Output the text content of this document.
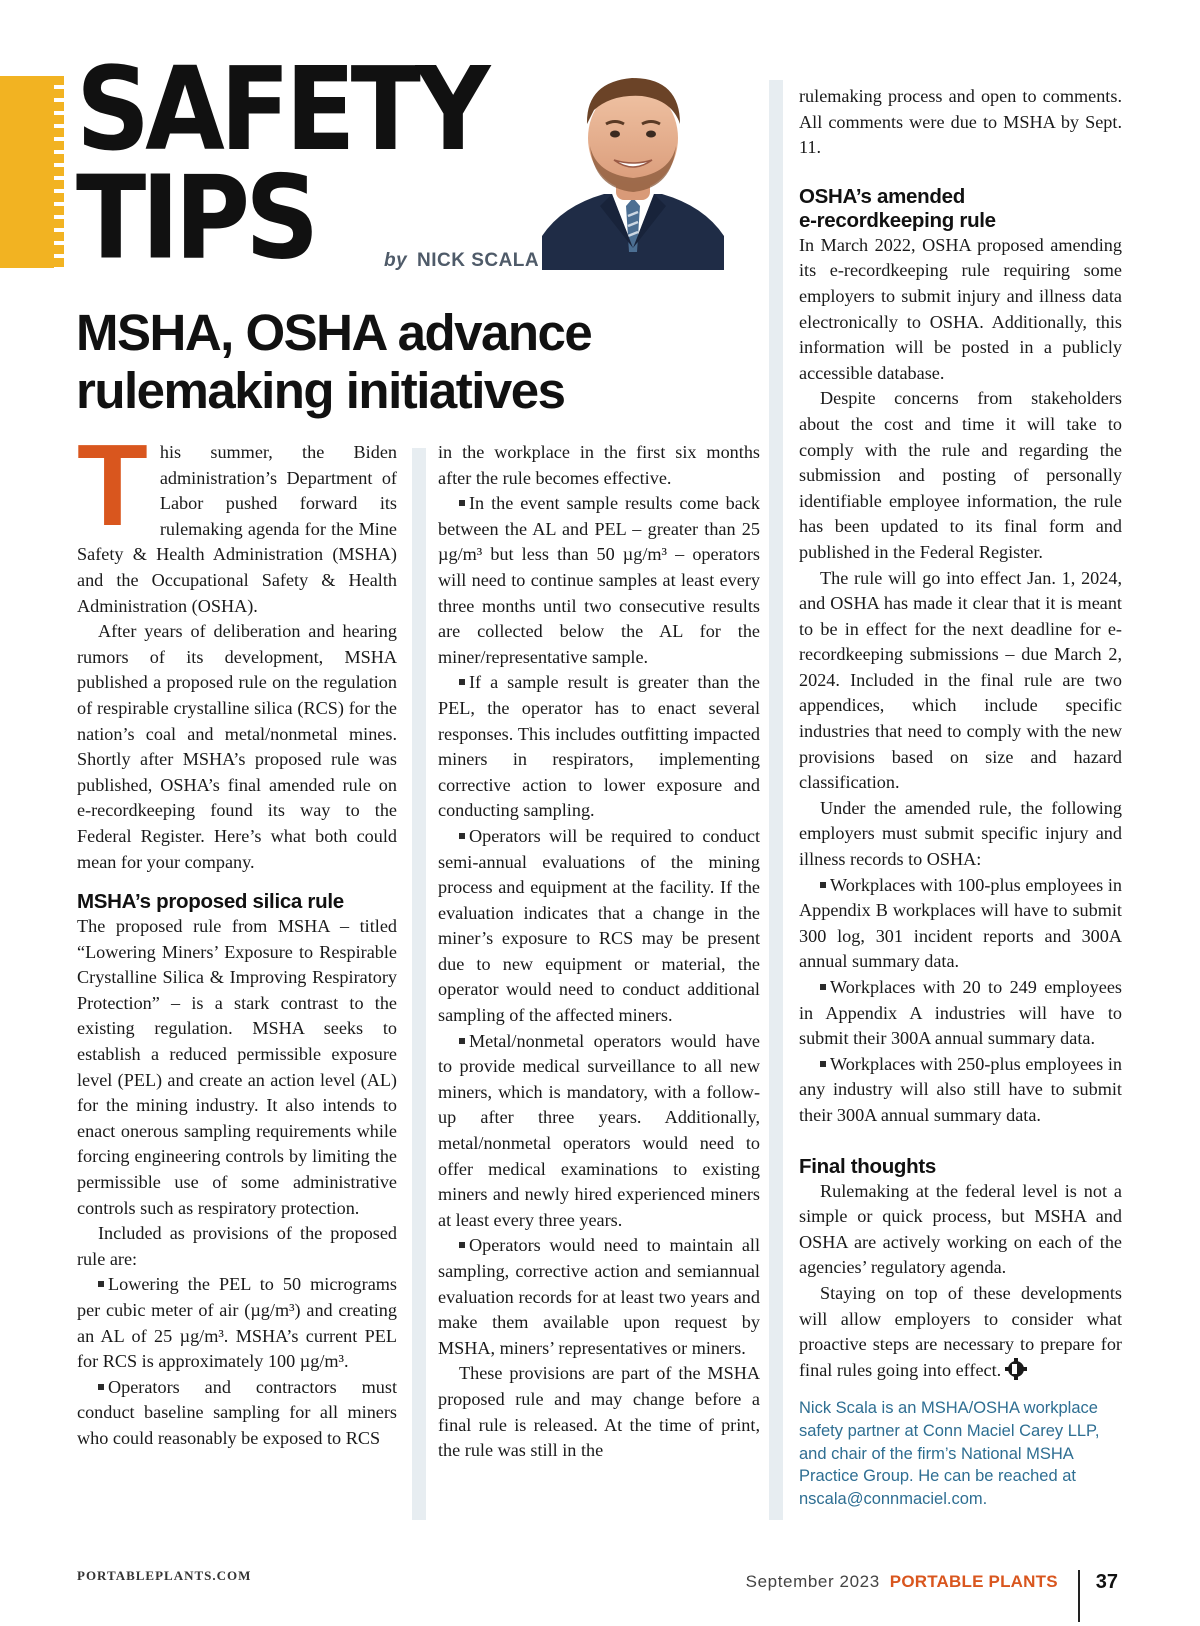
SAFETY
TIPS	by NICK SCALA
MSHA, OSHA advance
rulemaking initiatives
T his summer, the Biden administration’s Department of Labor pushed forward its rulemaking agenda for the Mine Safety & Health Administration (MSHA) and the Occupational Safety & Health Administration (OSHA).

After years of deliberation and hearing rumors of its development, MSHA published a proposed rule on the regulation of respirable crystalline silica (RCS) for the nation’s coal and metal/nonmetal mines. Shortly after MSHA’s proposed rule was published, OSHA’s final amended rule on e-recordkeeping found its way to the Federal Register. Here’s what both could mean for your company.

MSHA’s proposed silica rule

The proposed rule from MSHA – titled “Lowering Miners’ Exposure to Respirable Crystalline Silica & Improving Respiratory Protection” – is a stark contrast to the existing regulation. MSHA seeks to establish a reduced permissible exposure level (PEL) and create an action level (AL) for the mining industry. It also intends to enact onerous sampling requirements while forcing engineering controls by limiting the permissible use of some administrative controls such as respiratory protection.

Included as provisions of the proposed rule are:

Lowering the PEL to 50 micrograms per cubic meter of air (µg/m³) and creating an AL of 25 µg/m³. MSHA’s current PEL for RCS is approximately 100 µg/m³.

Operators and contractors must conduct baseline sampling for all miners who could reasonably be exposed to RCS

in the workplace in the first six months after the rule becomes effective.

In the event sample results come back between the AL and PEL – greater than 25 µg/m³ but less than 50 µg/m³ – operators will need to continue samples at least every three months until two consecutive results are collected below the AL for the miner/representative sample.

If a sample result is greater than the PEL, the operator has to enact several responses. This includes outfitting impacted miners in respirators, implementing corrective action to lower exposure and conducting sampling.

Operators will be required to conduct semi-annual evaluations of the mining process and equipment at the facility. If the evaluation indicates that a change in the miner’s exposure to RCS may be present due to new equipment or material, the operator would need to conduct additional sampling of the affected miners.

Metal/nonmetal operators would have to provide medical surveillance to all new miners, which is mandatory, with a follow-up after three years. Additionally, metal/nonmetal operators would need to offer medical examinations to existing miners and newly hired experienced miners at least every three years.

Operators would need to maintain all sampling, corrective action and semiannual evaluation records for at least two years and make them available upon request by MSHA, miners’ representatives or miners.

These provisions are part of the MSHA proposed rule and may change before a final rule is released. At the time of print, the rule was still in the

rulemaking process and open to comments. All comments were due to MSHA by Sept. 11.

OSHA’s amended
e-recordkeeping rule

In March 2022, OSHA proposed amending its e-recordkeeping rule requiring some employers to submit injury and illness data electronically to OSHA. Additionally, this information will be posted in a publicly accessible database.

Despite concerns from stakeholders about the cost and time it will take to comply with the rule and regarding the submission and posting of personally identifiable employee information, the rule has been updated to its final form and published in the Federal Register.

The rule will go into effect Jan. 1, 2024, and OSHA has made it clear that it is meant to be in effect for the next deadline for e-recordkeeping submissions – due March 2, 2024. Included in the final rule are two appendices, which include specific industries that need to comply with the new provisions based on size and hazard classification.

Under the amended rule, the following employers must submit specific injury and illness records to OSHA:

Workplaces with 100-plus employees in Appendix B workplaces will have to submit 300 log, 301 incident reports and 300A annual summary data.

Workplaces with 20 to 249 employees in Appendix A industries will have to submit their 300A annual summary data.

Workplaces with 250-plus employees in any industry will also still have to submit their 300A annual summary data.

Final thoughts

Rulemaking at the federal level is not a simple or quick process, but MSHA and OSHA are actively working on each of the agencies’ regulatory agenda.

Staying on top of these developments will allow employers to consider what proactive steps are necessary to prepare for final rules going into effect.

Nick Scala is an MSHA/OSHA workplace safety partner at Conn Maciel Carey LLP, and chair of the firm’s National MSHA Practice Group. He can be reached at nscala@connmaciel.com.
PORTABLEPLANTS.COM	September 2023 PORTABLE PLANTS 37
